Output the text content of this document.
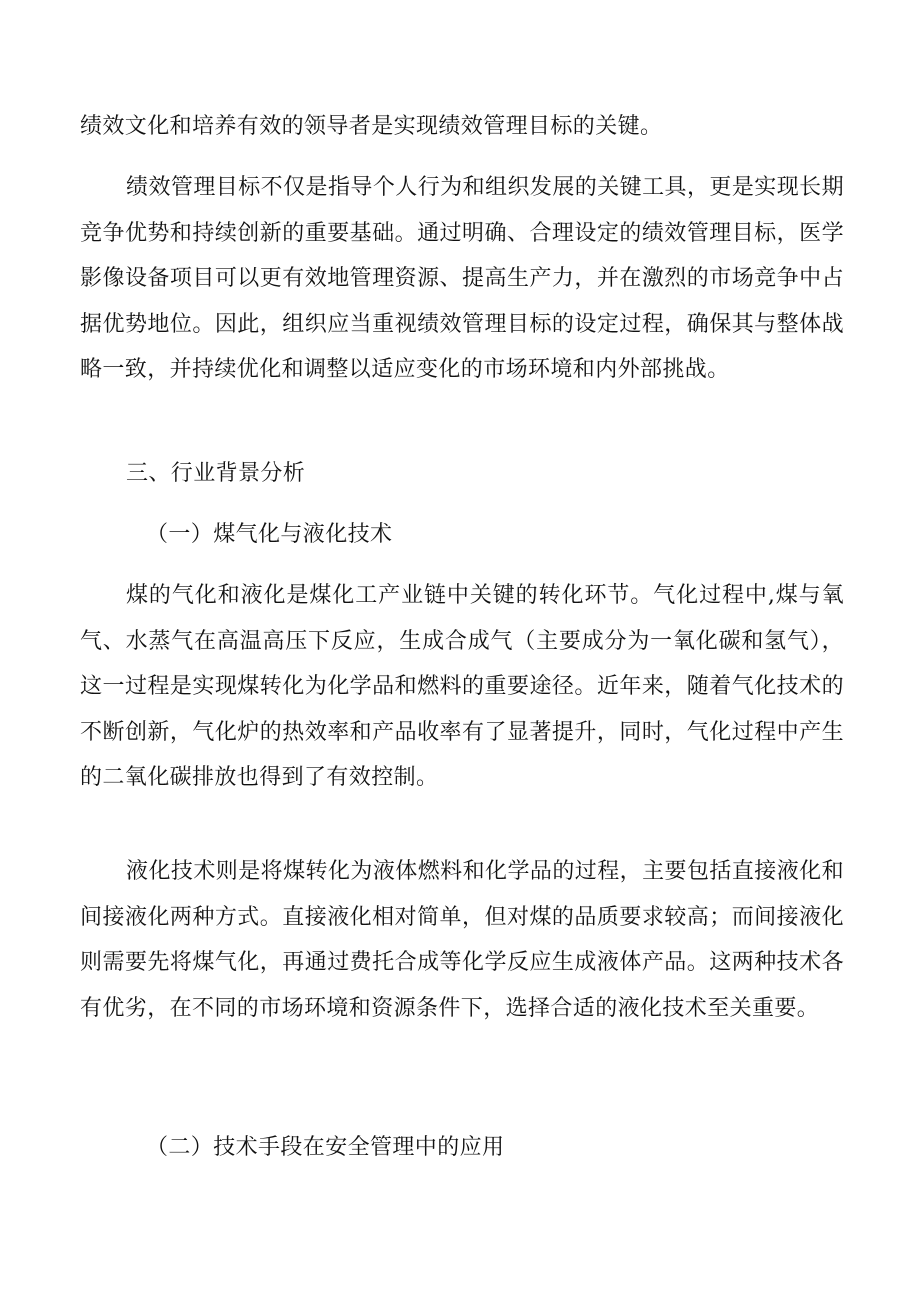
绩效文化和培养有效的领导者是实现绩效管理目标的关键。

绩效管理目标不仅是指导个人行为和组织发展的关键工具，更是实现长期竞争优势和持续创新的重要基础。通过明确、合理设定的绩效管理目标，医学影像设备项目可以更有效地管理资源、提高生产力，并在激烈的市场竞争中占据优势地位。因此，组织应当重视绩效管理目标的设定过程，确保其与整体战略一致，并持续优化和调整以适应变化的市场环境和内外部挑战。

三、行业背景分析
（一）煤气化与液化技术

煤的气化和液化是煤化工产业链中关键的转化环节。气化过程中,煤与氧气、水蒸气在高温高压下反应，生成合成气（主要成分为一氧化碳和氢气），这一过程是实现煤转化为化学品和燃料的重要途径。近年来，随着气化技术的不断创新，气化炉的热效率和产品收率有了显著提升，同时，气化过程中产生的二氧化碳排放也得到了有效控制。

液化技术则是将煤转化为液体燃料和化学品的过程，主要包括直接液化和间接液化两种方式。直接液化相对简单，但对煤的品质要求较高；而间接液化则需要先将煤气化，再通过费托合成等化学反应生成液体产品。这两种技术各有优劣，在不同的市场环境和资源条件下，选择合适的液化技术至关重要。

（二）技术手段在安全管理中的应用
